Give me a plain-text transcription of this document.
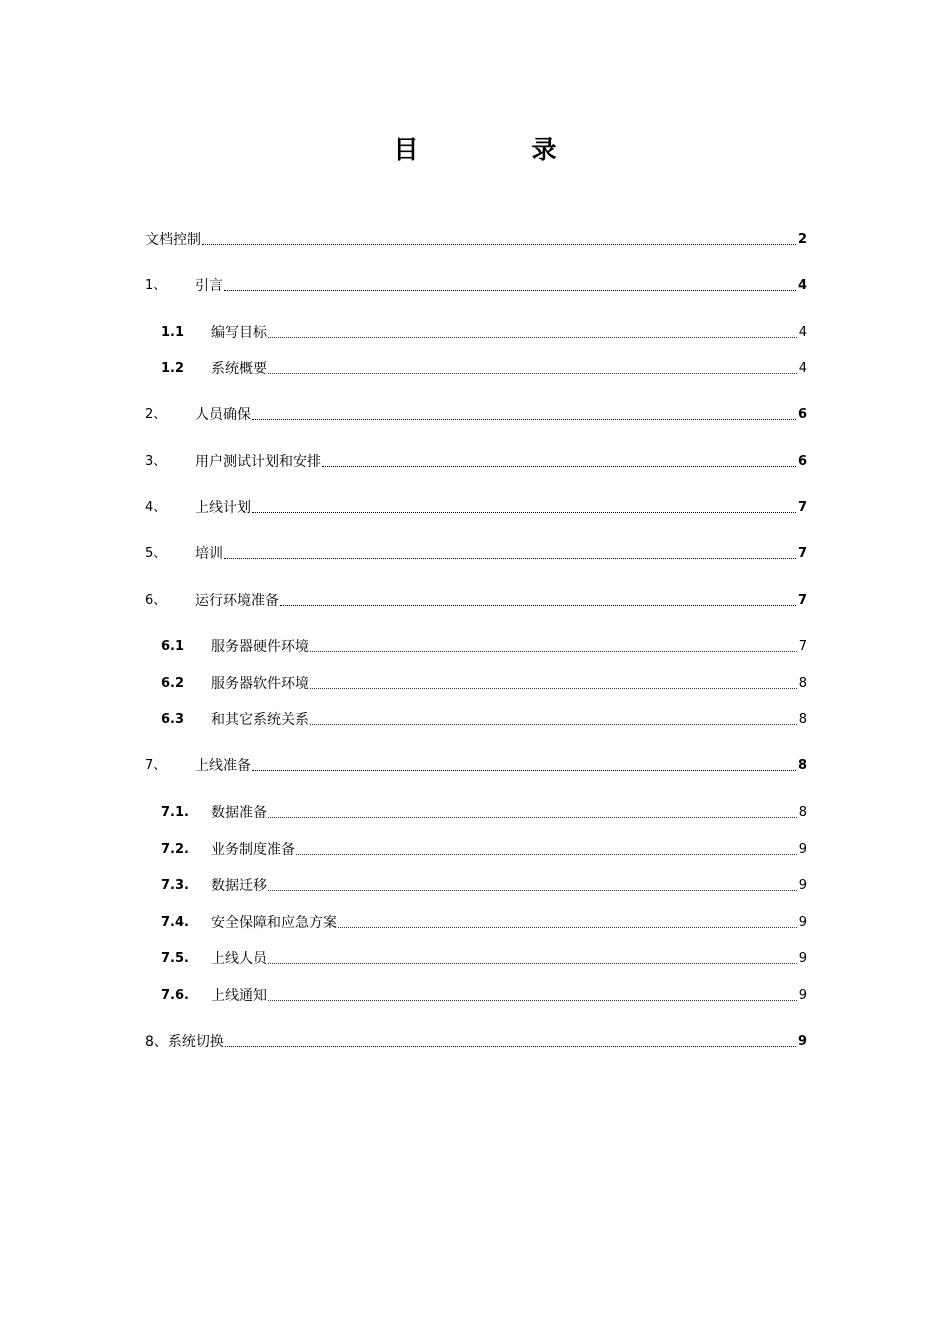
目　录
文档控制	2
1、	引言	4
1.1	编写目标	4
1.2	系统概要	4
2、	人员确保	6
3、	用户测试计划和安排	6
4、	上线计划	7
5、	培训	7
6、	运行环境准备	7
6.1	服务器硬件环境	7
6.2	服务器软件环境	8
6.3	和其它系统关系	8
7、	上线准备	8
7.1.	数据准备	8
7.2.	业务制度准备	9
7.3.	数据迁移	9
7.4.	安全保障和应急方案	9
7.5.	上线人员	9
7.6.	上线通知	9
8、系统切换	9
